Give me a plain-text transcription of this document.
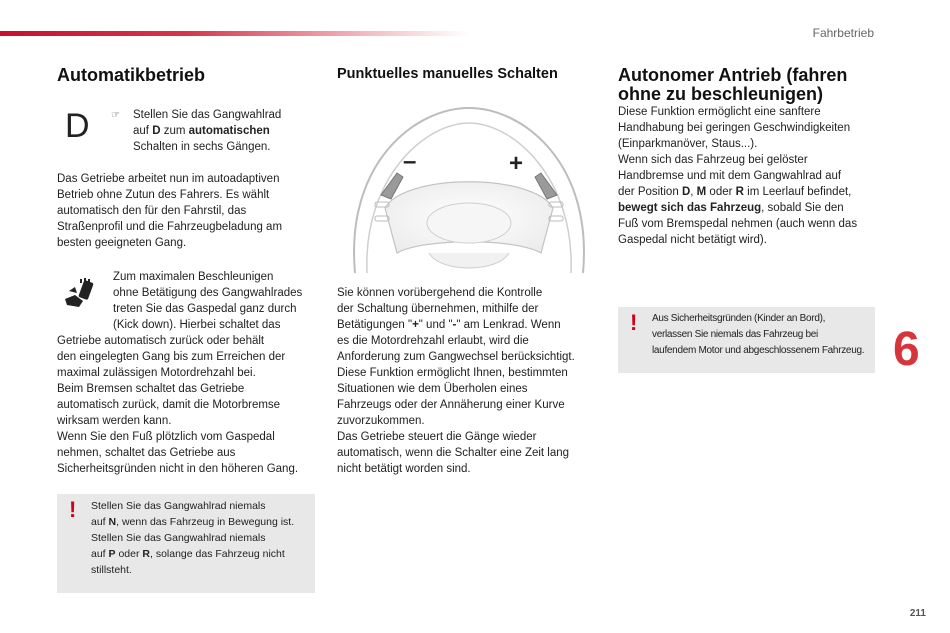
Fahrbetrieb
Automatikbetrieb
D ☞ Stellen Sie das Gangwahlrad
auf D zum automatischen
Schalten in sechs Gängen.

Das Getriebe arbeitet nun im autoadaptiven

Betrieb ohne Zutun des Fahrers. Es wählt

automatisch den für den Fahrstil, das

Straßenprofil und die Fahrzeugbeladung am

besten geeigneten Gang.

Zum maximalen Beschleunigen

ohne Betätigung des Gangwahlrades

treten Sie das Gaspedal ganz durch

(Kick down). Hierbei schaltet das

Getriebe automatisch zurück oder behält

den eingelegten Gang bis zum Erreichen der

maximal zulässigen Motordrehzahl bei.

Beim Bremsen schaltet das Getriebe

automatisch zurück, damit die Motorbremse

wirksam werden kann.

Wenn Sie den Fuß plötzlich vom Gaspedal

nehmen, schaltet das Getriebe aus

Sicherheitsgründen nicht in den höheren Gang.

! Stellen Sie das Gangwahlrad niemals
auf N, wenn das Fahrzeug in Bewegung ist.
Stellen Sie das Gangwahlrad niemals
auf P oder R, solange das Fahrzeug nicht
stillsteht.
Punktuelles manuelles Schalten
–	+

Sie können vorübergehend die Kontrolle

der Schaltung übernehmen, mithilfe der

Betätigungen "+" und "-" am Lenkrad. Wenn

es die Motordrehzahl erlaubt, wird die

Anforderung zum Gangwechsel berücksichtigt.

Diese Funktion ermöglicht Ihnen, bestimmten

Situationen wie dem Überholen eines

Fahrzeugs oder der Annäherung einer Kurve

zuvorzukommen.

Das Getriebe steuert die Gänge wieder

automatisch, wenn die Schalter eine Zeit lang

nicht betätigt worden sind.

Autonomer Antrieb (fahren
ohne zu beschleunigen)

Diese Funktion ermöglicht eine sanftere

Handhabung bei geringen Geschwindigkeiten

(Einparkmanöver, Staus...).

Wenn sich das Fahrzeug bei gelöster

Handbremse und mit dem Gangwahlrad auf

der Position D, M oder R im Leerlauf befindet,

bewegt sich das Fahrzeug, sobald Sie den

Fuß vom Bremspedal nehmen (auch wenn das

Gaspedal nicht betätigt wird).

! Aus Sicherheitsgründen (Kinder an Bord),
verlassen Sie niemals das Fahrzeug bei
laufendem Motor und abgeschlossenem Fahrzeug. 6
211
